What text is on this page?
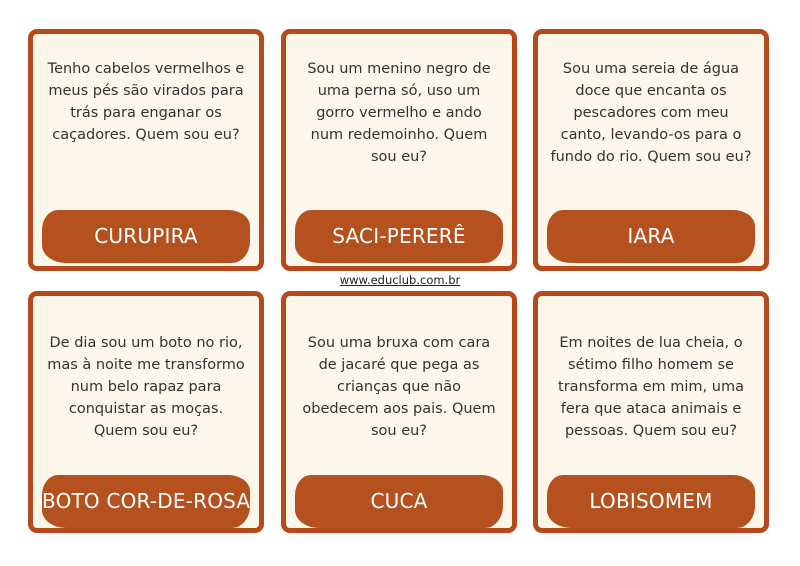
Tenho cabelos vermelhos e meus pés são virados para trás para enganar os caçadores. Quem sou eu?

CURUPIRA

Sou um menino negro de uma perna só, uso um gorro vermelho e ando num redemoinho. Quem sou eu?

SACI-PERERÊ

Sou uma sereia de água doce que encanta os pescadores com meu canto, levando-os para o fundo do rio. Quem sou eu?

IARA

www.educlub.com.br

De dia sou um boto no rio, mas à noite me transformo num belo rapaz para conquistar as moças. Quem sou eu?

BOTO COR-DE-ROSA

Sou uma bruxa com cara de jacaré que pega as crianças que não obedecem aos pais. Quem sou eu?

CUCA

Em noites de lua cheia, o sétimo filho homem se transforma em mim, uma fera que ataca animais e pessoas. Quem sou eu?

LOBISOMEM
